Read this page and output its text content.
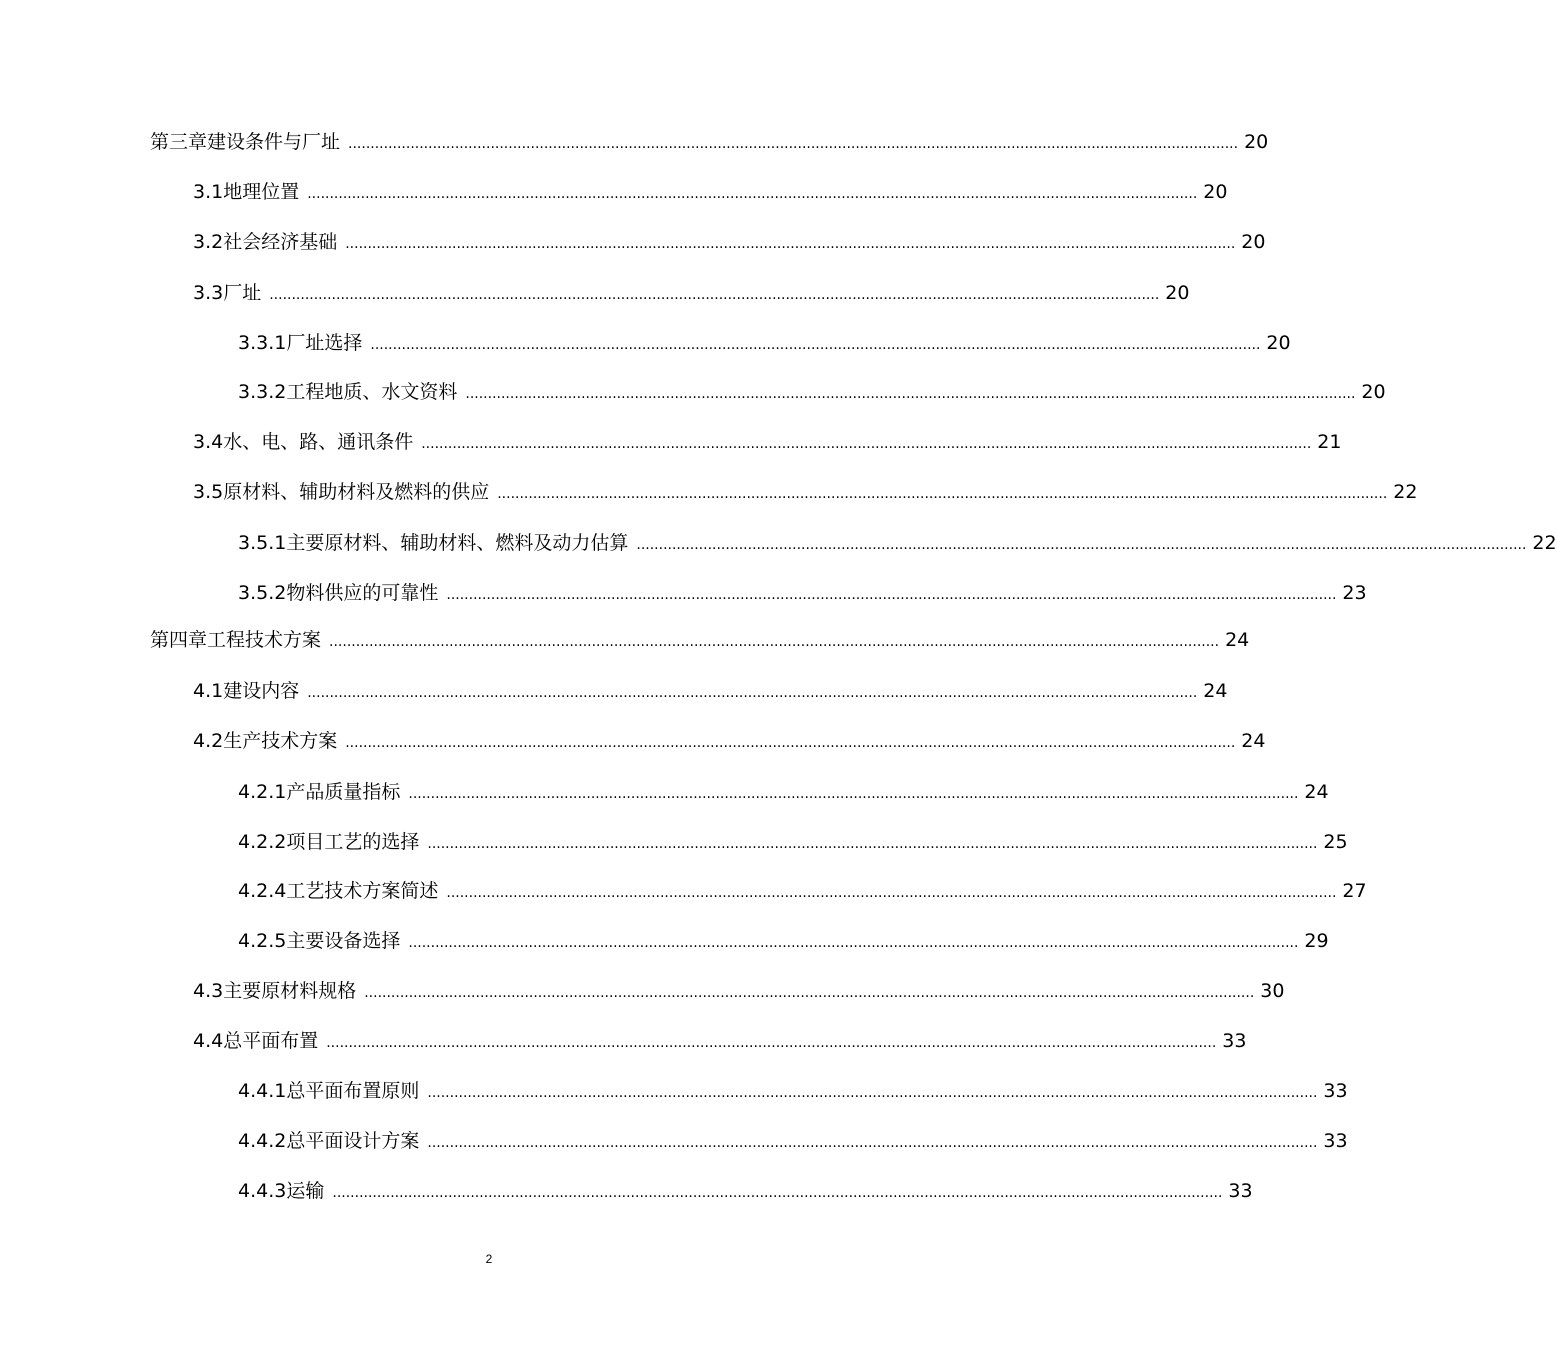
第三章 建设条件与厂址 ........................................................................................................................................................................................................ 20
3.1 地理位置 ........................................................................................................................................................................................................ 20
3.2 社会经济基础 ........................................................................................................................................................................................................ 20
3.3 厂址 ........................................................................................................................................................................................................ 20
3.3.1 厂址选择 ........................................................................................................................................................................................................ 20
3.3.2 工程地质、水文资料 ........................................................................................................................................................................................................ 20
3.4 水、电、路、通讯条件 ........................................................................................................................................................................................................ 21
3.5 原材料、辅助材料及燃料的供应 ........................................................................................................................................................................................................ 22
3.5.1 主要原材料、辅助材料、燃料及动力估算 ........................................................................................................................................................................................................ 22
3.5.2 物料供应的可靠性 ........................................................................................................................................................................................................ 23
第四章 工程技术方案 ........................................................................................................................................................................................................ 24
4.1 建设内容 ........................................................................................................................................................................................................ 24
4.2 生产技术方案 ........................................................................................................................................................................................................ 24
4.2.1 产品质量指标 ........................................................................................................................................................................................................ 24
4.2.2 项目工艺的选择 ........................................................................................................................................................................................................ 25
4.2.4 工艺技术方案简述 ........................................................................................................................................................................................................ 27
4.2.5 主要设备选择 ........................................................................................................................................................................................................ 29
4.3 主要原材料规格 ........................................................................................................................................................................................................ 30
4.4 总平面布置 ........................................................................................................................................................................................................ 33
4.4.1 总平面布置原则 ........................................................................................................................................................................................................ 33
4.4.2 总平面设计方案 ........................................................................................................................................................................................................ 33
4.4.3 运输 ........................................................................................................................................................................................................ 33
2
